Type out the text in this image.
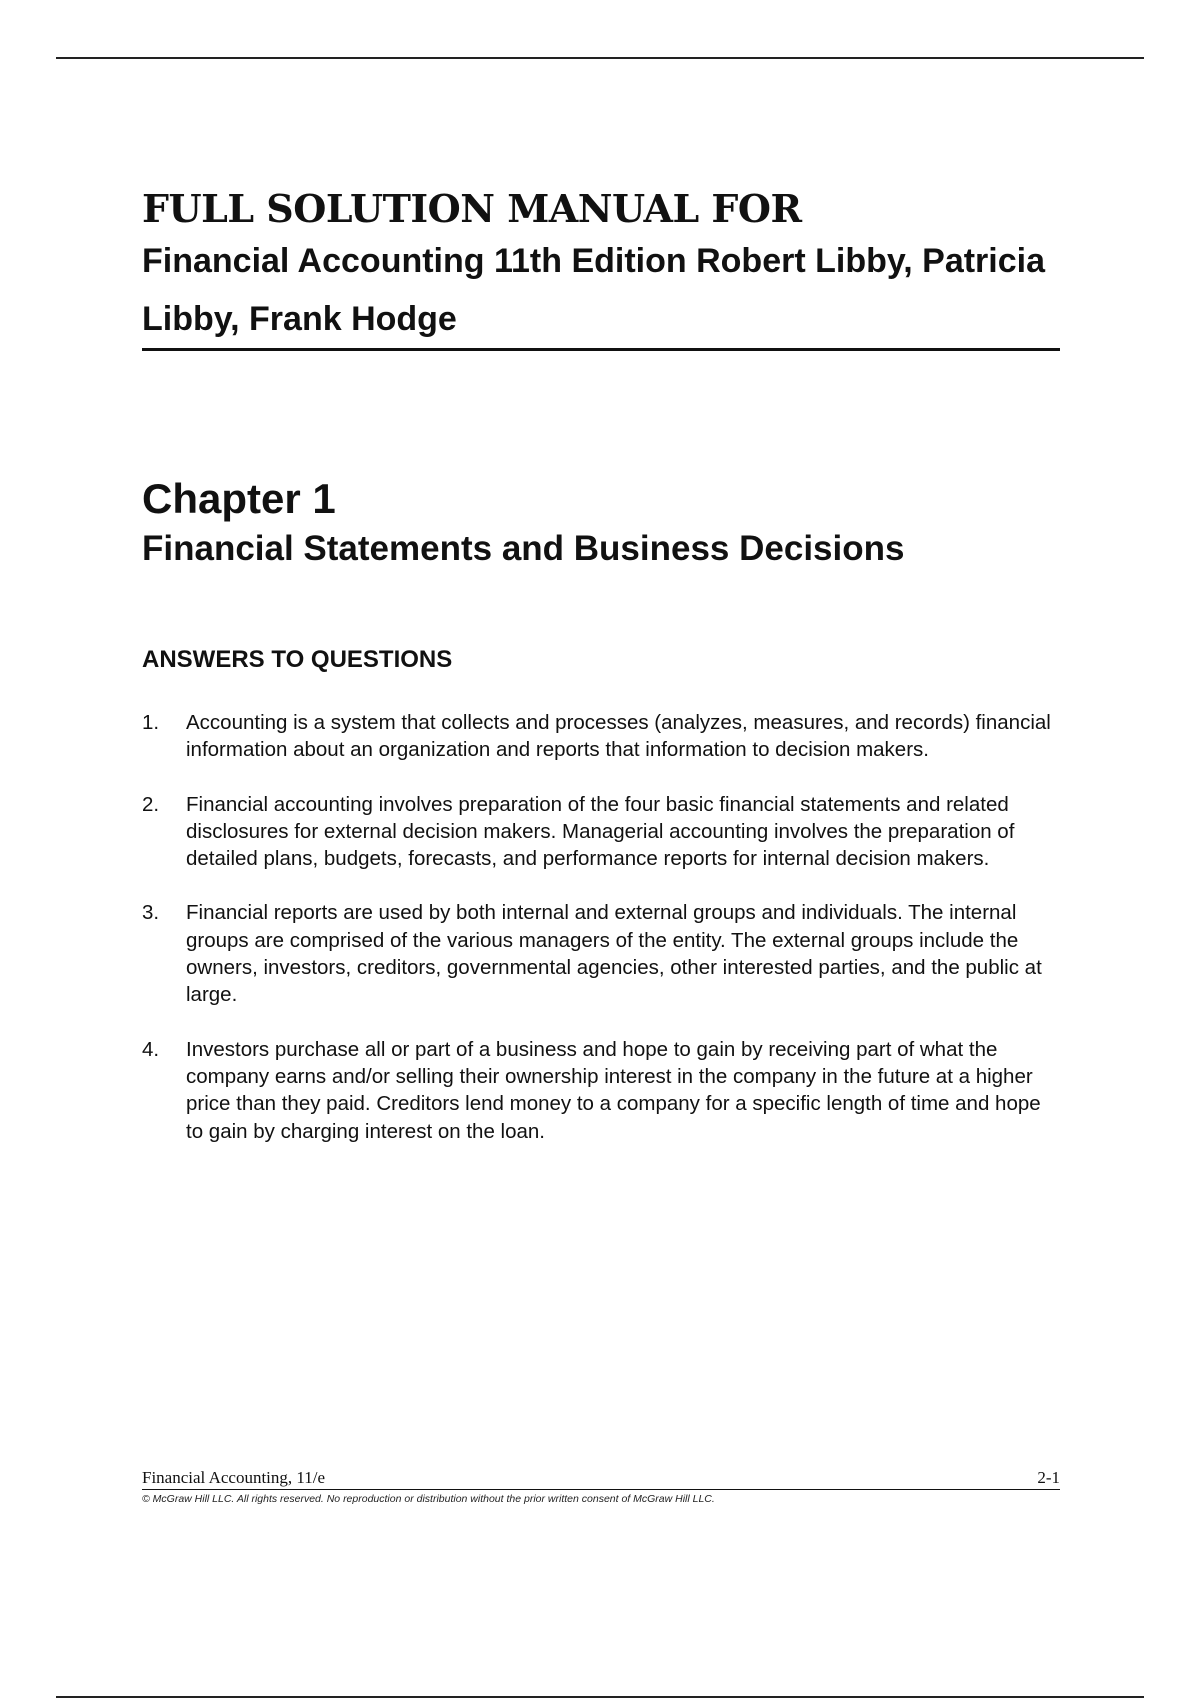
FULL SOLUTION MANUAL FOR
Financial Accounting 11th Edition Robert Libby, Patricia Libby, Frank Hodge
Chapter 1
Financial Statements and Business Decisions
ANSWERS TO QUESTIONS
1. Accounting is a system that collects and processes (analyzes, measures, and records) financial information about an organization and reports that information to decision makers.
2. Financial accounting involves preparation of the four basic financial statements and related disclosures for external decision makers. Managerial accounting involves the preparation of detailed plans, budgets, forecasts, and performance reports for internal decision makers.
3. Financial reports are used by both internal and external groups and individuals. The internal groups are comprised of the various managers of the entity. The external groups include the owners, investors, creditors, governmental agencies, other interested parties, and the public at large.
4. Investors purchase all or part of a business and hope to gain by receiving part of what the company earns and/or selling their ownership interest in the company in the future at a higher price than they paid. Creditors lend money to a company for a specific length of time and hope to gain by charging interest on the loan.
Financial Accounting, 11/e	2-1
© McGraw Hill LLC. All rights reserved. No reproduction or distribution without the prior written consent of McGraw Hill LLC.
